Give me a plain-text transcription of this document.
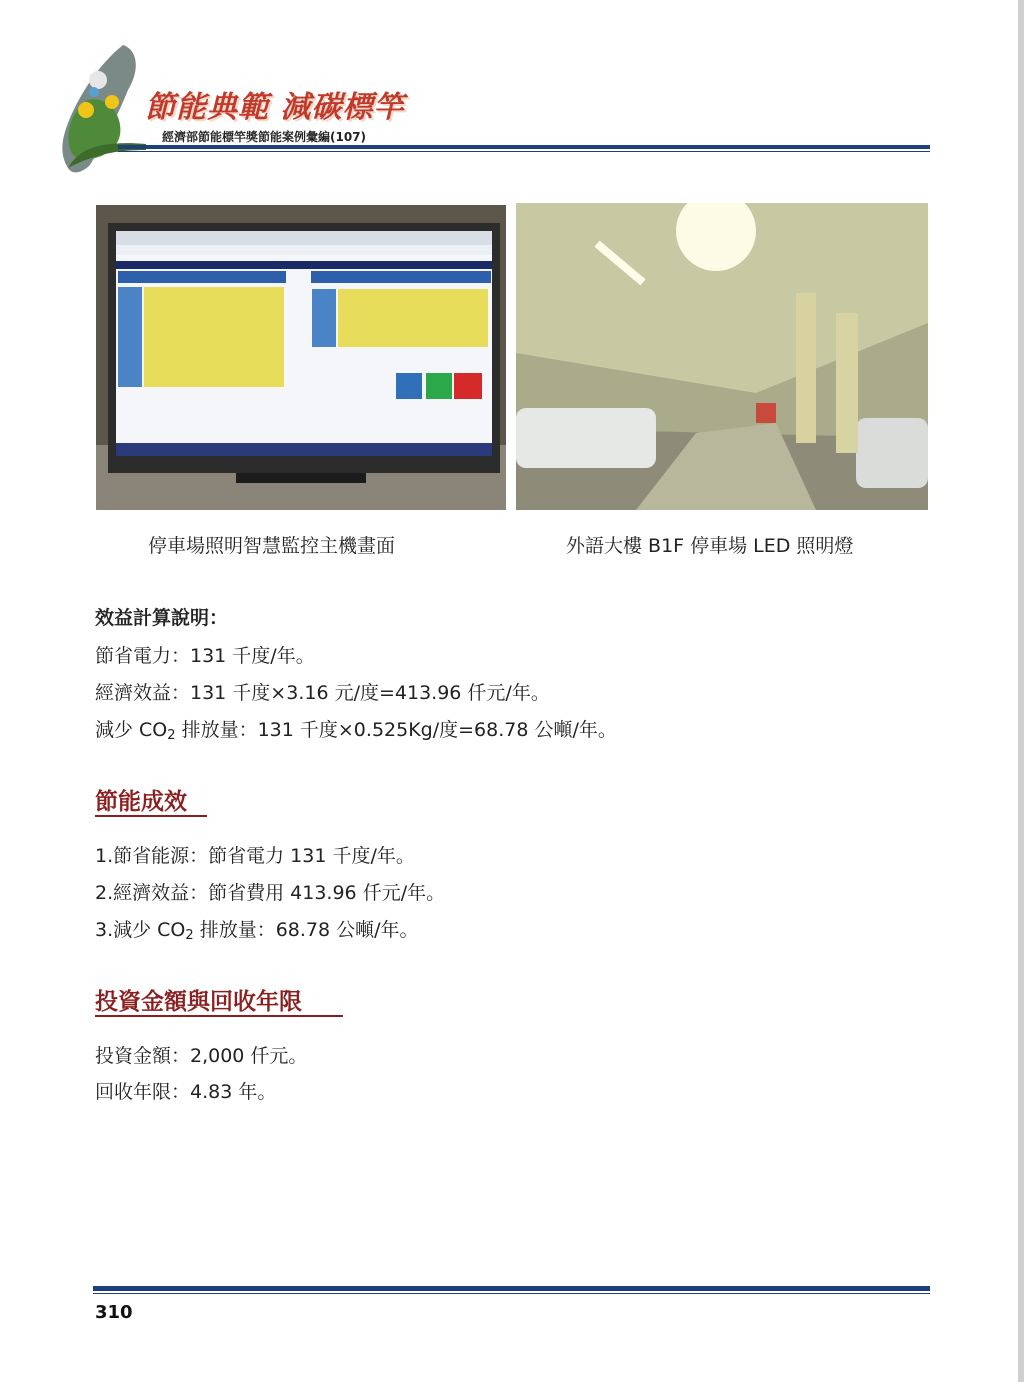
節能典範 減碳標竿
經濟部節能標竿獎節能案例彙編(107)
停車場照明智慧監控主機畫面	外語大樓 B1F 停車場 LED 照明燈
效益計算說明：
節省電力：131 千度/年。
經濟效益：131 千度×3.16 元/度=413.96 仟元/年。
減少 $CO_2$ 排放量：131 千度×0.525Kg/度=68.78 公噸/年。
節能成效
1.節省能源：節省電力 131 千度/年。
2.經濟效益：節省費用 413.96 仟元/年。
3.減少 $CO_2$ 排放量：68.78 公噸/年。
投資金額與回收年限
投資金額：2,000 仟元。
回收年限：4.83 年。
310
